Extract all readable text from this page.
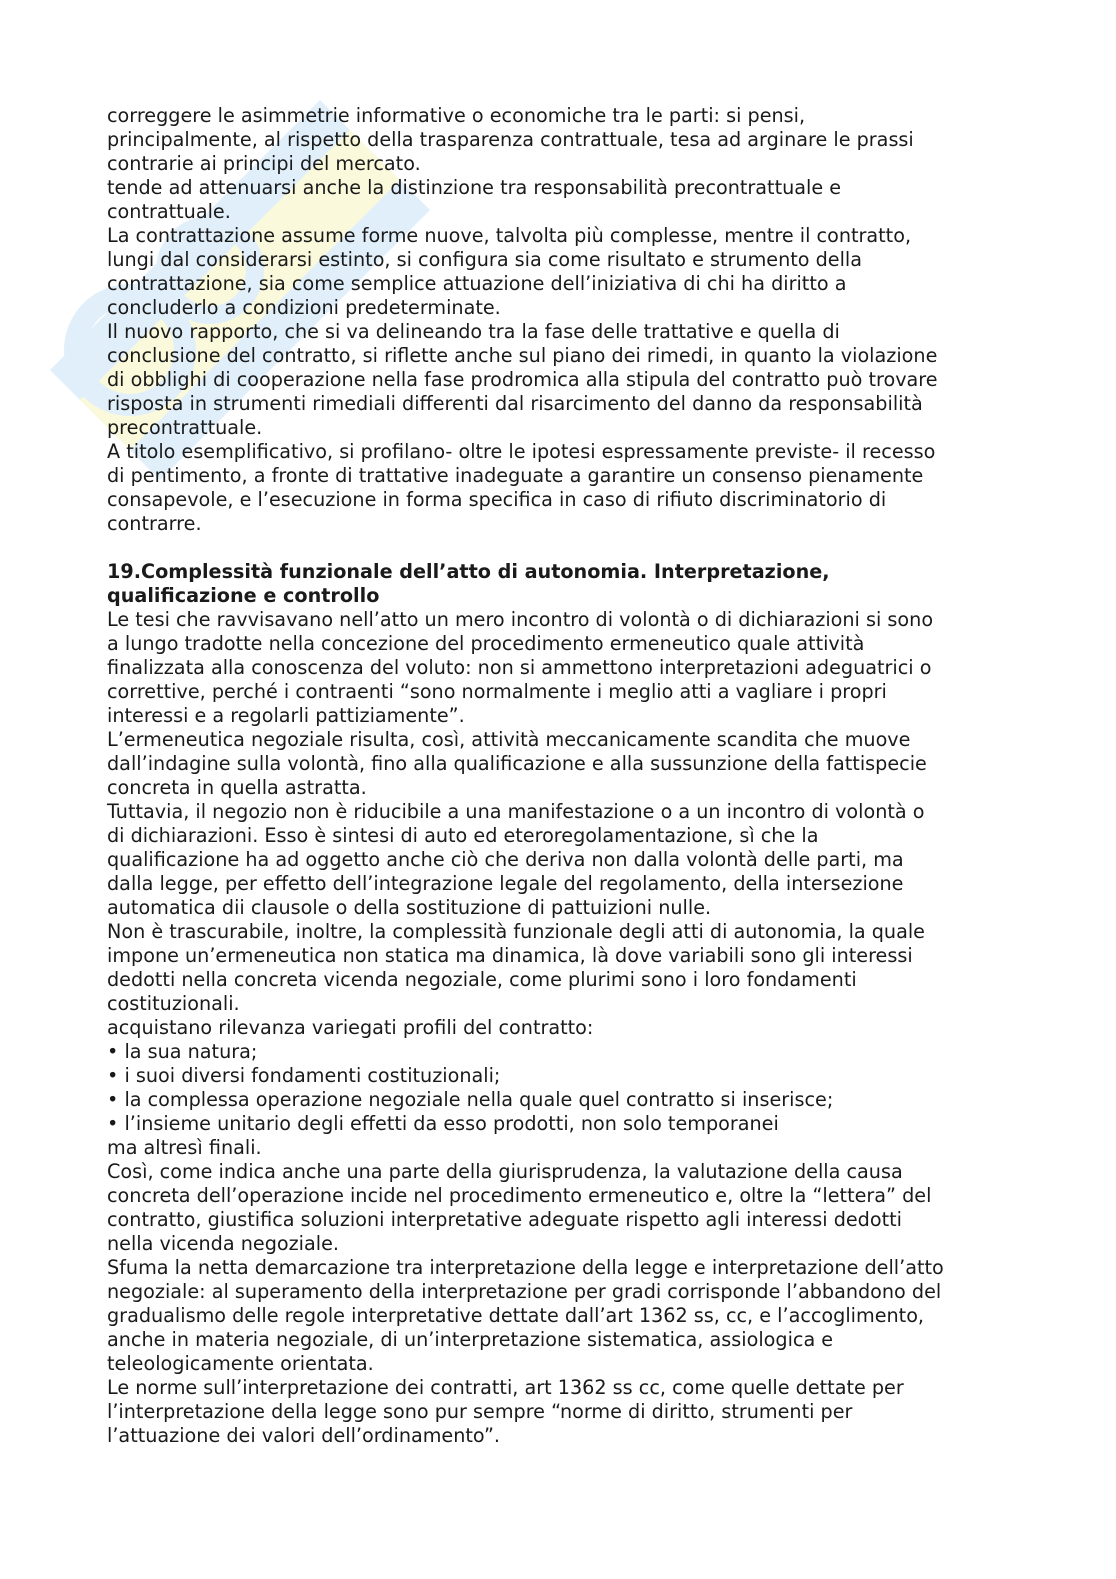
correggere le asimmetrie informative o economiche tra le parti: si pensi,
principalmente, al rispetto della trasparenza contrattuale, tesa ad arginare le prassi
contrarie ai principi del mercato.

tende ad attenuarsi anche la distinzione tra responsabilità precontrattuale e
contrattuale.

La contrattazione assume forme nuove, talvolta più complesse, mentre il contratto,
lungi dal considerarsi estinto, si configura sia come risultato e strumento della
contrattazione, sia come semplice attuazione dell’iniziativa di chi ha diritto a
concluderlo a condizioni predeterminate.

Il nuovo rapporto, che si va delineando tra la fase delle trattative e quella di
conclusione del contratto, si riflette anche sul piano dei rimedi, in quanto la violazione
di obblighi di cooperazione nella fase prodromica alla stipula del contratto può trovare
risposta in strumenti rimediali differenti dal risarcimento del danno da responsabilità
precontrattuale.

A titolo esemplificativo, si profilano- oltre le ipotesi espressamente previste- il recesso
di pentimento, a fronte di trattative inadeguate a garantire un consenso pienamente
consapevole, e l’esecuzione in forma specifica in caso di rifiuto discriminatorio di
contrarre.

19.Complessità funzionale dell’atto di autonomia. Interpretazione,
qualificazione e controllo

Le tesi che ravvisavano nell’atto un mero incontro di volontà o di dichiarazioni si sono
a lungo tradotte nella concezione del procedimento ermeneutico quale attività
finalizzata alla conoscenza del voluto: non si ammettono interpretazioni adeguatrici o
correttive, perché i contraenti “sono normalmente i meglio atti a vagliare i propri
interessi e a regolarli pattiziamente”.

L’ermeneutica negoziale risulta, così, attività meccanicamente scandita che muove
dall’indagine sulla volontà, fino alla qualificazione e alla sussunzione della fattispecie
concreta in quella astratta.

Tuttavia, il negozio non è riducibile a una manifestazione o a un incontro di volontà o
di dichiarazioni. Esso è sintesi di auto ed eteroregolamentazione, sì che la
qualificazione ha ad oggetto anche ciò che deriva non dalla volontà delle parti, ma
dalla legge, per effetto dell’integrazione legale del regolamento, della intersezione
automatica dii clausole o della sostituzione di pattuizioni nulle.

Non è trascurabile, inoltre, la complessità funzionale degli atti di autonomia, la quale
impone un’ermeneutica non statica ma dinamica, là dove variabili sono gli interessi
dedotti nella concreta vicenda negoziale, come plurimi sono i loro fondamenti
costituzionali.

acquistano rilevanza variegati profili del contratto:

• la sua natura;
• i suoi diversi fondamenti costituzionali;
• la complessa operazione negoziale nella quale quel contratto si inserisce;
• l’insieme unitario degli effetti da esso prodotti, non solo temporanei

ma altresì finali.

Così, come indica anche una parte della giurisprudenza, la valutazione della causa
concreta dell’operazione incide nel procedimento ermeneutico e, oltre la “lettera” del
contratto, giustifica soluzioni interpretative adeguate rispetto agli interessi dedotti
nella vicenda negoziale.

Sfuma la netta demarcazione tra interpretazione della legge e interpretazione dell’atto
negoziale: al superamento della interpretazione per gradi corrisponde l’abbandono del
gradualismo delle regole interpretative dettate dall’art 1362 ss, cc, e l’accoglimento,
anche in materia negoziale, di un’interpretazione sistematica, assiologica e
teleologicamente orientata.

Le norme sull’interpretazione dei contratti, art 1362 ss cc, come quelle dettate per
l’interpretazione della legge sono pur sempre “norme di diritto, strumenti per
l’attuazione dei valori dell’ordinamento”.
